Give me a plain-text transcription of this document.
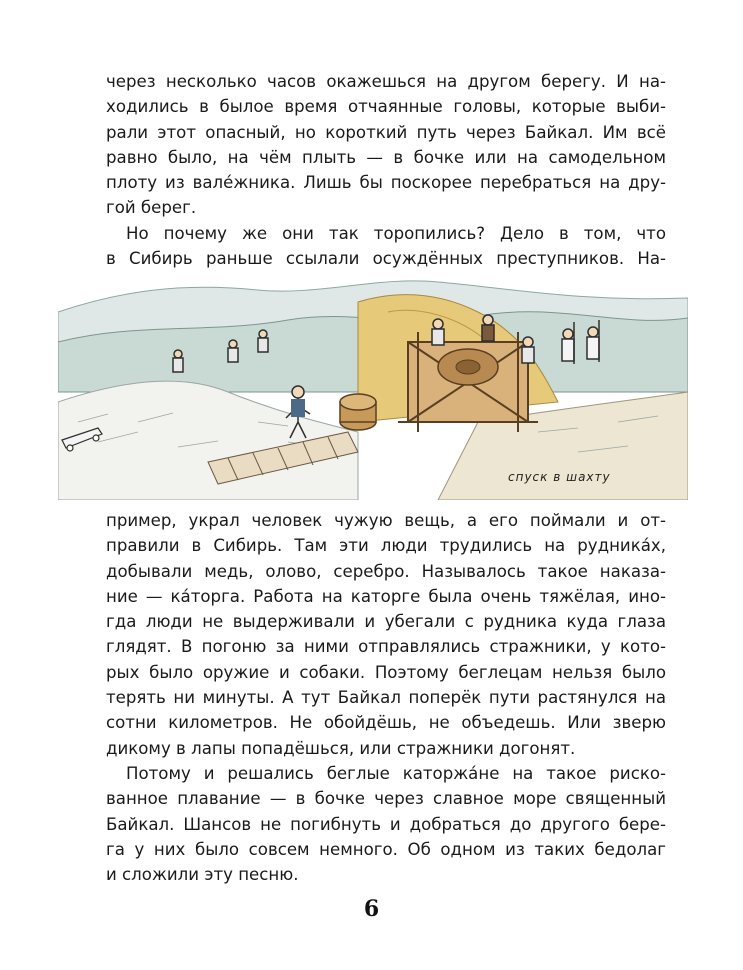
через несколько часов окажешься на другом берегу. И на-
ходились в былое время отчаянные головы, которые выби-
рали этот опасный, но короткий путь через Байкал. Им всё
равно было, на чём плыть — в бочке или на самодельном
плоту из вале́жника. Лишь бы поскорее перебраться на дру-
гой берег.
Но почему же они так торопились? Дело в том, что
в Сибирь раньше ссылали осуждённых преступников. На-
спуск в шахту
пример, украл человек чужую вещь, а его поймали и от-
правили в Сибирь. Там эти люди трудились на рудника́х,
добывали медь, олово, серебро. Называлось такое наказа-
ние — ка́торга. Работа на каторге была очень тяжёлая, ино-
гда люди не выдерживали и убегали с рудника куда глаза
глядят. В погоню за ними отправлялись стражники, у кото-
рых было оружие и собаки. Поэтому беглецам нельзя было
терять ни минуты. А тут Байкал поперёк пути растянулся на
сотни километров. Не обойдёшь, не объедешь. Или зверю
дикому в лапы попадёшься, или стражники догонят.
Потому и решались беглые каторжа́не на такое риско-
ванное плавание — в бочке через славное море священный
Байкал. Шансов не погибнуть и добраться до другого бере-
га у них было совсем немного. Об одном из таких бедолаг
и сложили эту песню.
6
